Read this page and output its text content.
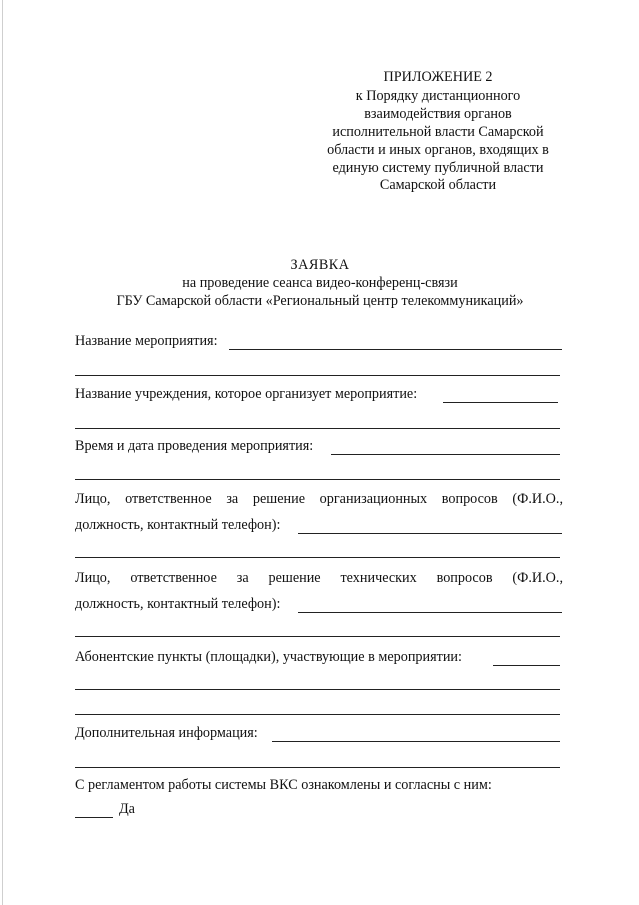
ПРИЛОЖЕНИЕ 2
к Порядку дистанционного
взаимодействия органов
исполнительной власти Самарской
области и иных органов, входящих в
единую систему публичной власти
Самарской области
ЗАЯВКА
на проведение сеанса видео-конференц-связи
ГБУ Самарской области «Региональный центр телекоммуникаций»
Название мероприятия:
Название учреждения, которое организует мероприятие:
Время и дата проведения мероприятия:
Лицо, ответственное за решение организационных вопросов (Ф.И.О.,
должность, контактный телефон):
Лицо, ответственное за решение технических вопросов (Ф.И.О.,
должность, контактный телефон):
Абонентские пункты (площадки), участвующие в мероприятии:
Дополнительная информация:
С регламентом работы системы ВКС ознакомлены и согласны с ним:
Да
